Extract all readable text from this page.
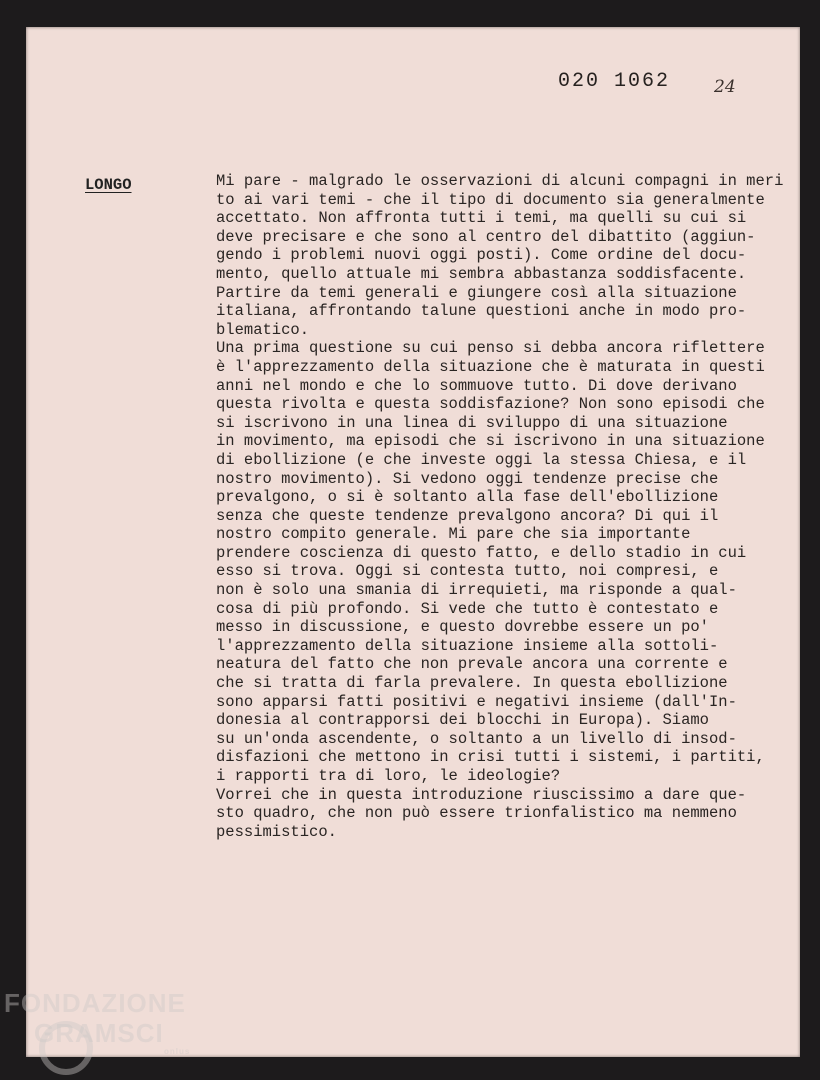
020 1062	24
LONGO	Mi pare - malgrado le osservazioni di alcuni compagni in meri
to ai vari temi - che il tipo di documento sia generalmente
accettato. Non affronta tutti i temi, ma quelli su cui si
deve precisare e che sono al centro del dibattito (aggiun-
gendo i problemi nuovi oggi posti). Come ordine del docu-
mento, quello attuale mi sembra abbastanza soddisfacente.
Partire da temi generali e giungere così alla situazione
italiana, affrontando talune questioni anche in modo pro-
blematico.
Una prima questione su cui penso si debba ancora riflettere
è l'apprezzamento della situazione che è maturata in questi
anni nel mondo e che lo sommuove tutto. Di dove derivano
questa rivolta e questa soddisfazione? Non sono episodi che
si iscrivono in una linea di sviluppo di una situazione
in movimento, ma episodi che si iscrivono in una situazione
di ebollizione (e che investe oggi la stessa Chiesa, e il
nostro movimento). Si vedono oggi tendenze precise che
prevalgono, o si è soltanto alla fase dell'ebollizione
senza che queste tendenze prevalgono ancora? Di qui il
nostro compito generale. Mi pare che sia importante
prendere coscienza di questo fatto, e dello stadio in cui
esso si trova. Oggi si contesta tutto, noi compresi, e
non è solo una smania di irrequieti, ma risponde a qual-
cosa di più profondo. Si vede che tutto è contestato e
messo in discussione, e questo dovrebbe essere un po'
l'apprezzamento della situazione insieme alla sottoli-
neatura del fatto che non prevale ancora una corrente e
che si tratta di farla prevalere. In questa ebollizione
sono apparsi fatti positivi e negativi insieme (dall'In-
donesia al contrapporsi dei blocchi in Europa). Siamo
su un'onda ascendente, o soltanto a un livello di insod-
disfazioni che mettono in crisi tutti i sistemi, i partiti,
i rapporti tra di loro, le ideologie?
Vorrei che in questa introduzione riuscissimo a dare que-
sto quadro, che non può essere trionfalistico ma nemmeno
pessimistico.
FONDAZIONE
GRAMSCI
onlus
